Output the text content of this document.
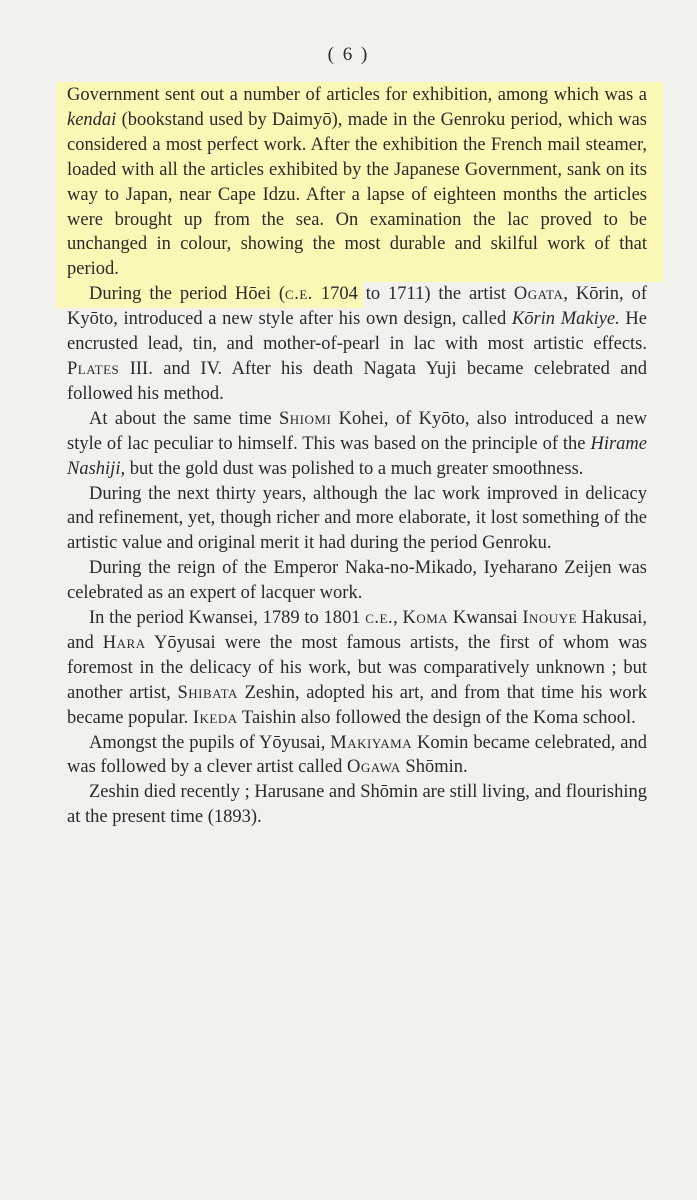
( 6 )

Government sent out a number of articles for exhibition, among which was a kendai (bookstand used by Daimyō), made in the Genroku period, which was considered a most perfect work. After the exhibition the French mail steamer, loaded with all the articles exhibited by the Japanese Government, sank on its way to Japan, near Cape Idzu. After a lapse of eighteen months the articles were brought up from the sea. On examination the lac proved to be unchanged in colour, showing the most durable and skilful work of that period.

During the period Hōei (c.e. 1704 to 1711) the artist Ogata, Kōrin, of Kyōto, introduced a new style after his own design, called Kōrin Makiye. He encrusted lead, tin, and mother-of-pearl in lac with most artistic effects. Plates III. and IV. After his death Nagata Yuji became celebrated and followed his method.

At about the same time Shiomi Kohei, of Kyōto, also introduced a new style of lac peculiar to himself. This was based on the principle of the Hirame Nashiji, but the gold dust was polished to a much greater smoothness.

During the next thirty years, although the lac work improved in delicacy and refinement, yet, though richer and more elaborate, it lost something of the artistic value and original merit it had during the period Genroku.

During the reign of the Emperor Naka-no-Mikado, Iyeharano Zeijen was celebrated as an expert of lacquer work.

In the period Kwansei, 1789 to 1801 c.e., Koma Kwansai Inouye Hakusai, and Hara Yōyusai were the most famous artists, the first of whom was foremost in the delicacy of his work, but was comparatively unknown ; but another artist, Shibata Zeshin, adopted his art, and from that time his work became popular. Ikeda Taishin also followed the design of the Koma school.

Amongst the pupils of Yōyusai, Makiyama Komin became celebrated, and was followed by a clever artist called Ogawa Shōmin.

Zeshin died recently ; Harusane and Shōmin are still living, and flourishing at the present time (1893).
